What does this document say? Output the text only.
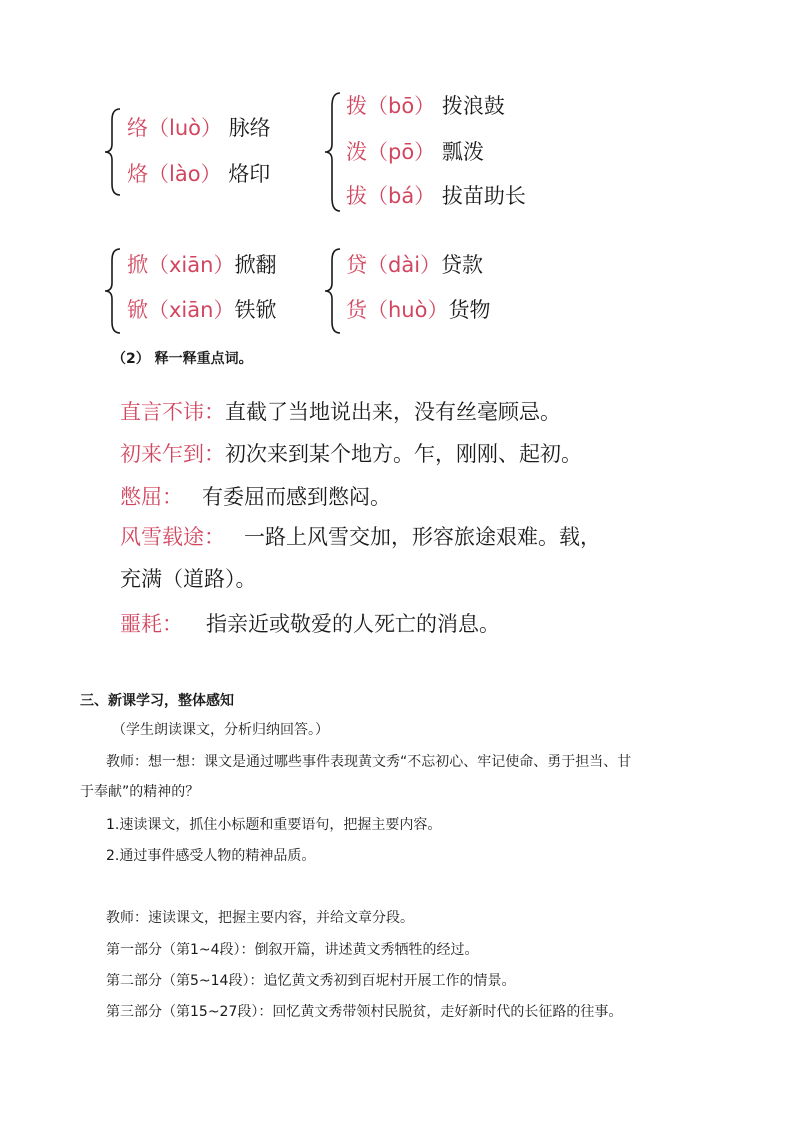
络（luò） 脉络
烙（lào） 烙印
拨（bō） 拨浪鼓
泼（pō） 瓢泼
拔（bá） 拔苗助长
掀（xiān）掀翻
锨（xiān）铁锨
贷（dài）贷款
货（huò）货物
（2） 释一释重点词。
直言不讳：直截了当地说出来，没有丝毫顾忌。
初来乍到：初次来到某个地方。乍，刚刚、起初。
憋屈： 有委屈而感到憋闷。
风雪载途： 一路上风雪交加，形容旅途艰难。载，
充满（道路）。
噩耗： 指亲近或敬爱的人死亡的消息。
三、新课学习，整体感知
（学生朗读课文，分析归纳回答。）
教师：想一想：课文是通过哪些事件表现黄文秀“不忘初心、牢记使命、勇于担当、甘
于奉献”的精神的？
1.速读课文，抓住小标题和重要语句，把握主要内容。
2.通过事件感受人物的精神品质。
教师：速读课文，把握主要内容，并给文章分段。
第一部分（第1~4段）：倒叙开篇，讲述黄文秀牺牲的经过。
第二部分（第5~14段）：追忆黄文秀初到百坭村开展工作的情景。
第三部分（第15~27段）：回忆黄文秀带领村民脱贫，走好新时代的长征路的往事。
